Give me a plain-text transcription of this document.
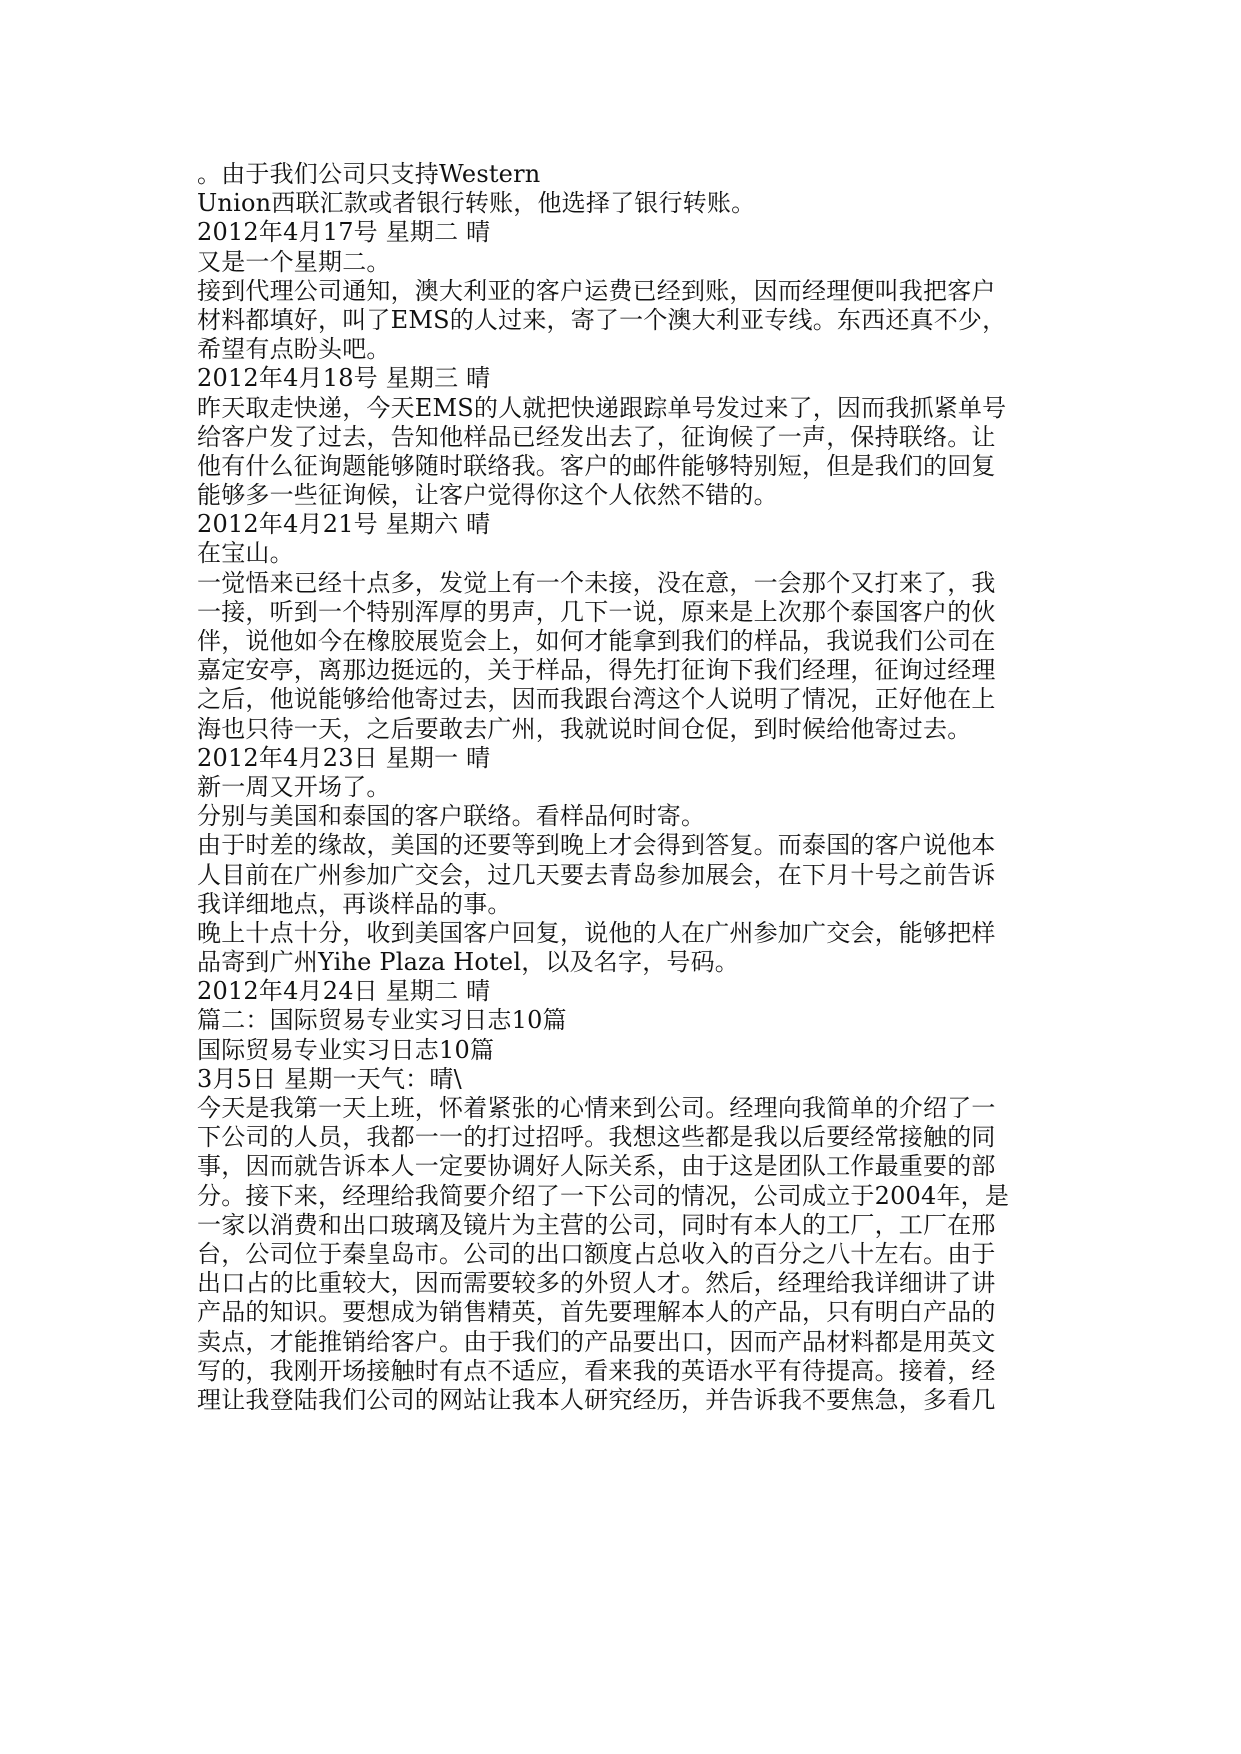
。由于我们公司只支持Western
Union西联汇款或者银行转账，他选择了银行转账。
2012年4月17号 星期二 晴
又是一个星期二。
接到代理公司通知，澳大利亚的客户运费已经到账，因而经理便叫我把客户
材料都填好，叫了EMS的人过来，寄了一个澳大利亚专线。东西还真不少，
希望有点盼头吧。
2012年4月18号 星期三 晴
昨天取走快递，今天EMS的人就把快递跟踪单号发过来了，因而我抓紧单号
给客户发了过去，告知他样品已经发出去了，征询候了一声，保持联络。让
他有什么征询题能够随时联络我。客户的邮件能够特别短，但是我们的回复
能够多一些征询候，让客户觉得你这个人依然不错的。
2012年4月21号 星期六 晴
在宝山。
一觉悟来已经十点多，发觉上有一个未接，没在意，一会那个又打来了，我
一接，听到一个特别浑厚的男声，几下一说，原来是上次那个泰国客户的伙
伴，说他如今在橡胶展览会上，如何才能拿到我们的样品，我说我们公司在
嘉定安亭，离那边挺远的，关于样品，得先打征询下我们经理，征询过经理
之后，他说能够给他寄过去，因而我跟台湾这个人说明了情况，正好他在上
海也只待一天，之后要敢去广州，我就说时间仓促，到时候给他寄过去。
2012年4月23日 星期一 晴
新一周又开场了。
分别与美国和泰国的客户联络。看样品何时寄。
由于时差的缘故，美国的还要等到晚上才会得到答复。而泰国的客户说他本
人目前在广州参加广交会，过几天要去青岛参加展会，在下月十号之前告诉
我详细地点，再谈样品的事。
晚上十点十分，收到美国客户回复，说他的人在广州参加广交会，能够把样
品寄到广州Yihe Plaza Hotel，以及名字，号码。
2012年4月24日 星期二 晴
篇二：国际贸易专业实习日志10篇
国际贸易专业实习日志10篇
3月5日 星期一天气：晴\
今天是我第一天上班，怀着紧张的心情来到公司。经理向我简单的介绍了一
下公司的人员，我都一一的打过招呼。我想这些都是我以后要经常接触的同
事，因而就告诉本人一定要协调好人际关系，由于这是团队工作最重要的部
分。接下来，经理给我简要介绍了一下公司的情况，公司成立于2004年，是
一家以消费和出口玻璃及镜片为主营的公司，同时有本人的工厂，工厂在邢
台，公司位于秦皇岛市。公司的出口额度占总收入的百分之八十左右。由于
出口占的比重较大，因而需要较多的外贸人才。然后，经理给我详细讲了讲
产品的知识。要想成为销售精英，首先要理解本人的产品，只有明白产品的
卖点，才能推销给客户。由于我们的产品要出口，因而产品材料都是用英文
写的，我刚开场接触时有点不适应，看来我的英语水平有待提高。接着，经
理让我登陆我们公司的网站让我本人研究经历，并告诉我不要焦急，多看几
